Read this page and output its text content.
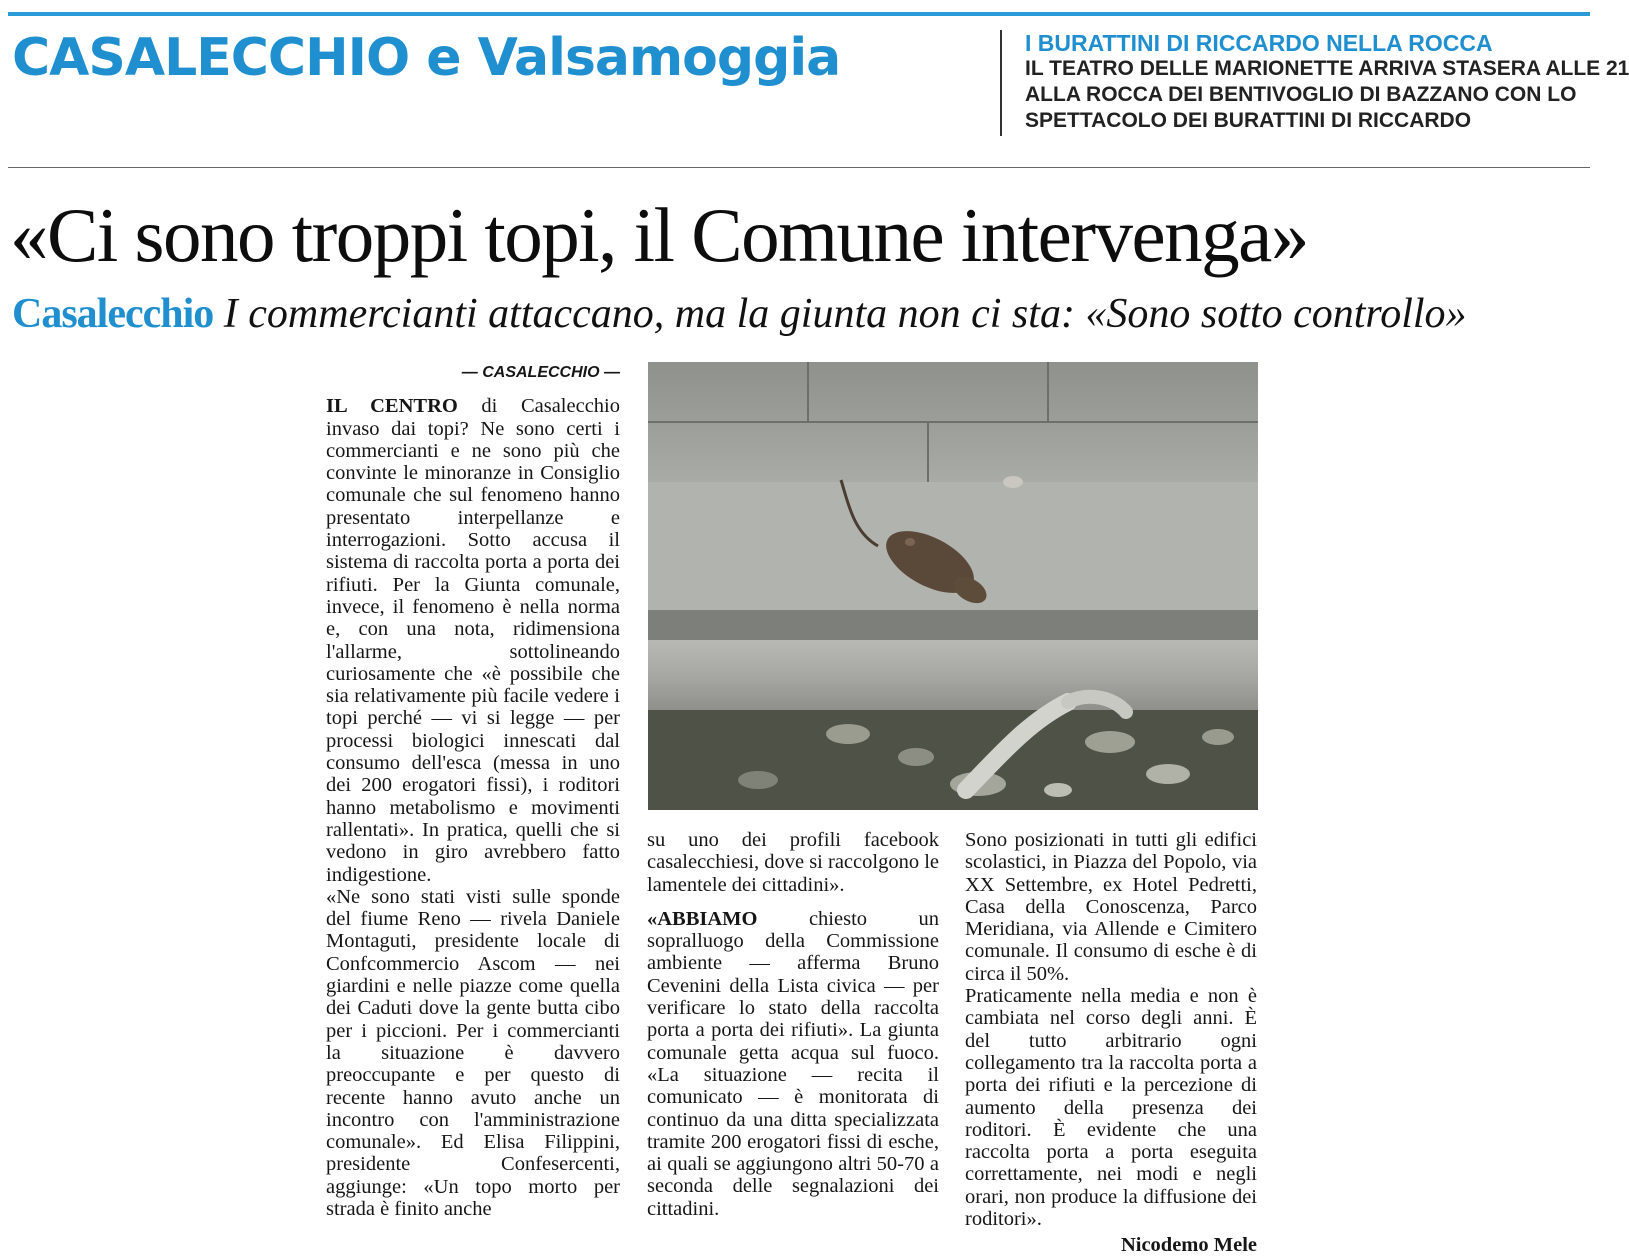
CASALECCHIO e Valsamoggia	I BURATTINI DI RICCARDO NELLA ROCCA
IL TEATRO DELLE MARIONETTE ARRIVA STASERA ALLE 21
ALLA ROCCA DEI BENTIVOGLIO DI BAZZANO CON LO
SPETTACOLO DEI BURATTINI DI RICCARDO
«Ci sono troppi topi, il Comune intervenga»
Casalecchio I commercianti attaccano, ma la giunta non ci sta: «Sono sotto controllo»
— CASALECCHIO —

IL CENTRO di Casalecchio invaso dai topi? Ne sono certi i commercianti e ne sono più che convinte le minoranze in Consiglio comunale che sul fenomeno hanno presentato interpellanze e interrogazioni. Sotto accusa il sistema di raccolta porta a porta dei rifiuti. Per la Giunta comunale, invece, il fenomeno è nella norma e, con una nota, ridimensiona l'allarme, sottolineando curiosamente che «è possibile che sia relativamente più facile vedere i topi perché — vi si legge — per processi biologici innescati dal consumo dell'esca (messa in uno dei 200 erogatori fissi), i roditori hanno metabolismo e movimenti rallentati». In pratica, quelli che si vedono in giro avrebbero fatto indigestione.

«Ne sono stati visti sulle sponde del fiume Reno — rivela Daniele Montaguti, presidente locale di Confcommercio Ascom — nei giardini e nelle piazze come quella dei Caduti dove la gente butta cibo per i piccioni. Per i commercianti la situazione è davvero preoccupante e per questo di recente hanno avuto anche un incontro con l'amministrazione comunale». Ed Elisa Filippini, presidente Confesercenti, aggiunge: «Un topo morto per strada è finito anche

su uno dei profili facebook casalecchiesi, dove si raccolgono le lamentele dei cittadini».

«ABBIAMO chiesto un sopralluogo della Commissione ambiente — afferma Bruno Cevenini della Lista civica — per verificare lo stato della raccolta porta a porta dei rifiuti». La giunta comunale getta acqua sul fuoco. «La situazione — recita il comunicato — è monitorata di continuo da una ditta specializzata tramite 200 erogatori fissi di esche, ai quali se aggiungono altri 50-70 a seconda delle segnalazioni dei cittadini.

Sono posizionati in tutti gli edifici scolastici, in Piazza del Popolo, via XX Settembre, ex Hotel Pedretti, Casa della Conoscenza, Parco Meridiana, via Allende e Cimitero comunale. Il consumo di esche è di circa il 50%.

Praticamente nella media e non è cambiata nel corso degli anni. È del tutto arbitrario ogni collegamento tra la raccolta porta a porta dei rifiuti e la percezione di aumento della presenza dei roditori. È evidente che una raccolta porta a porta eseguita correttamente, nei modi e negli orari, non produce la diffusione dei roditori».

Nicodemo Mele
